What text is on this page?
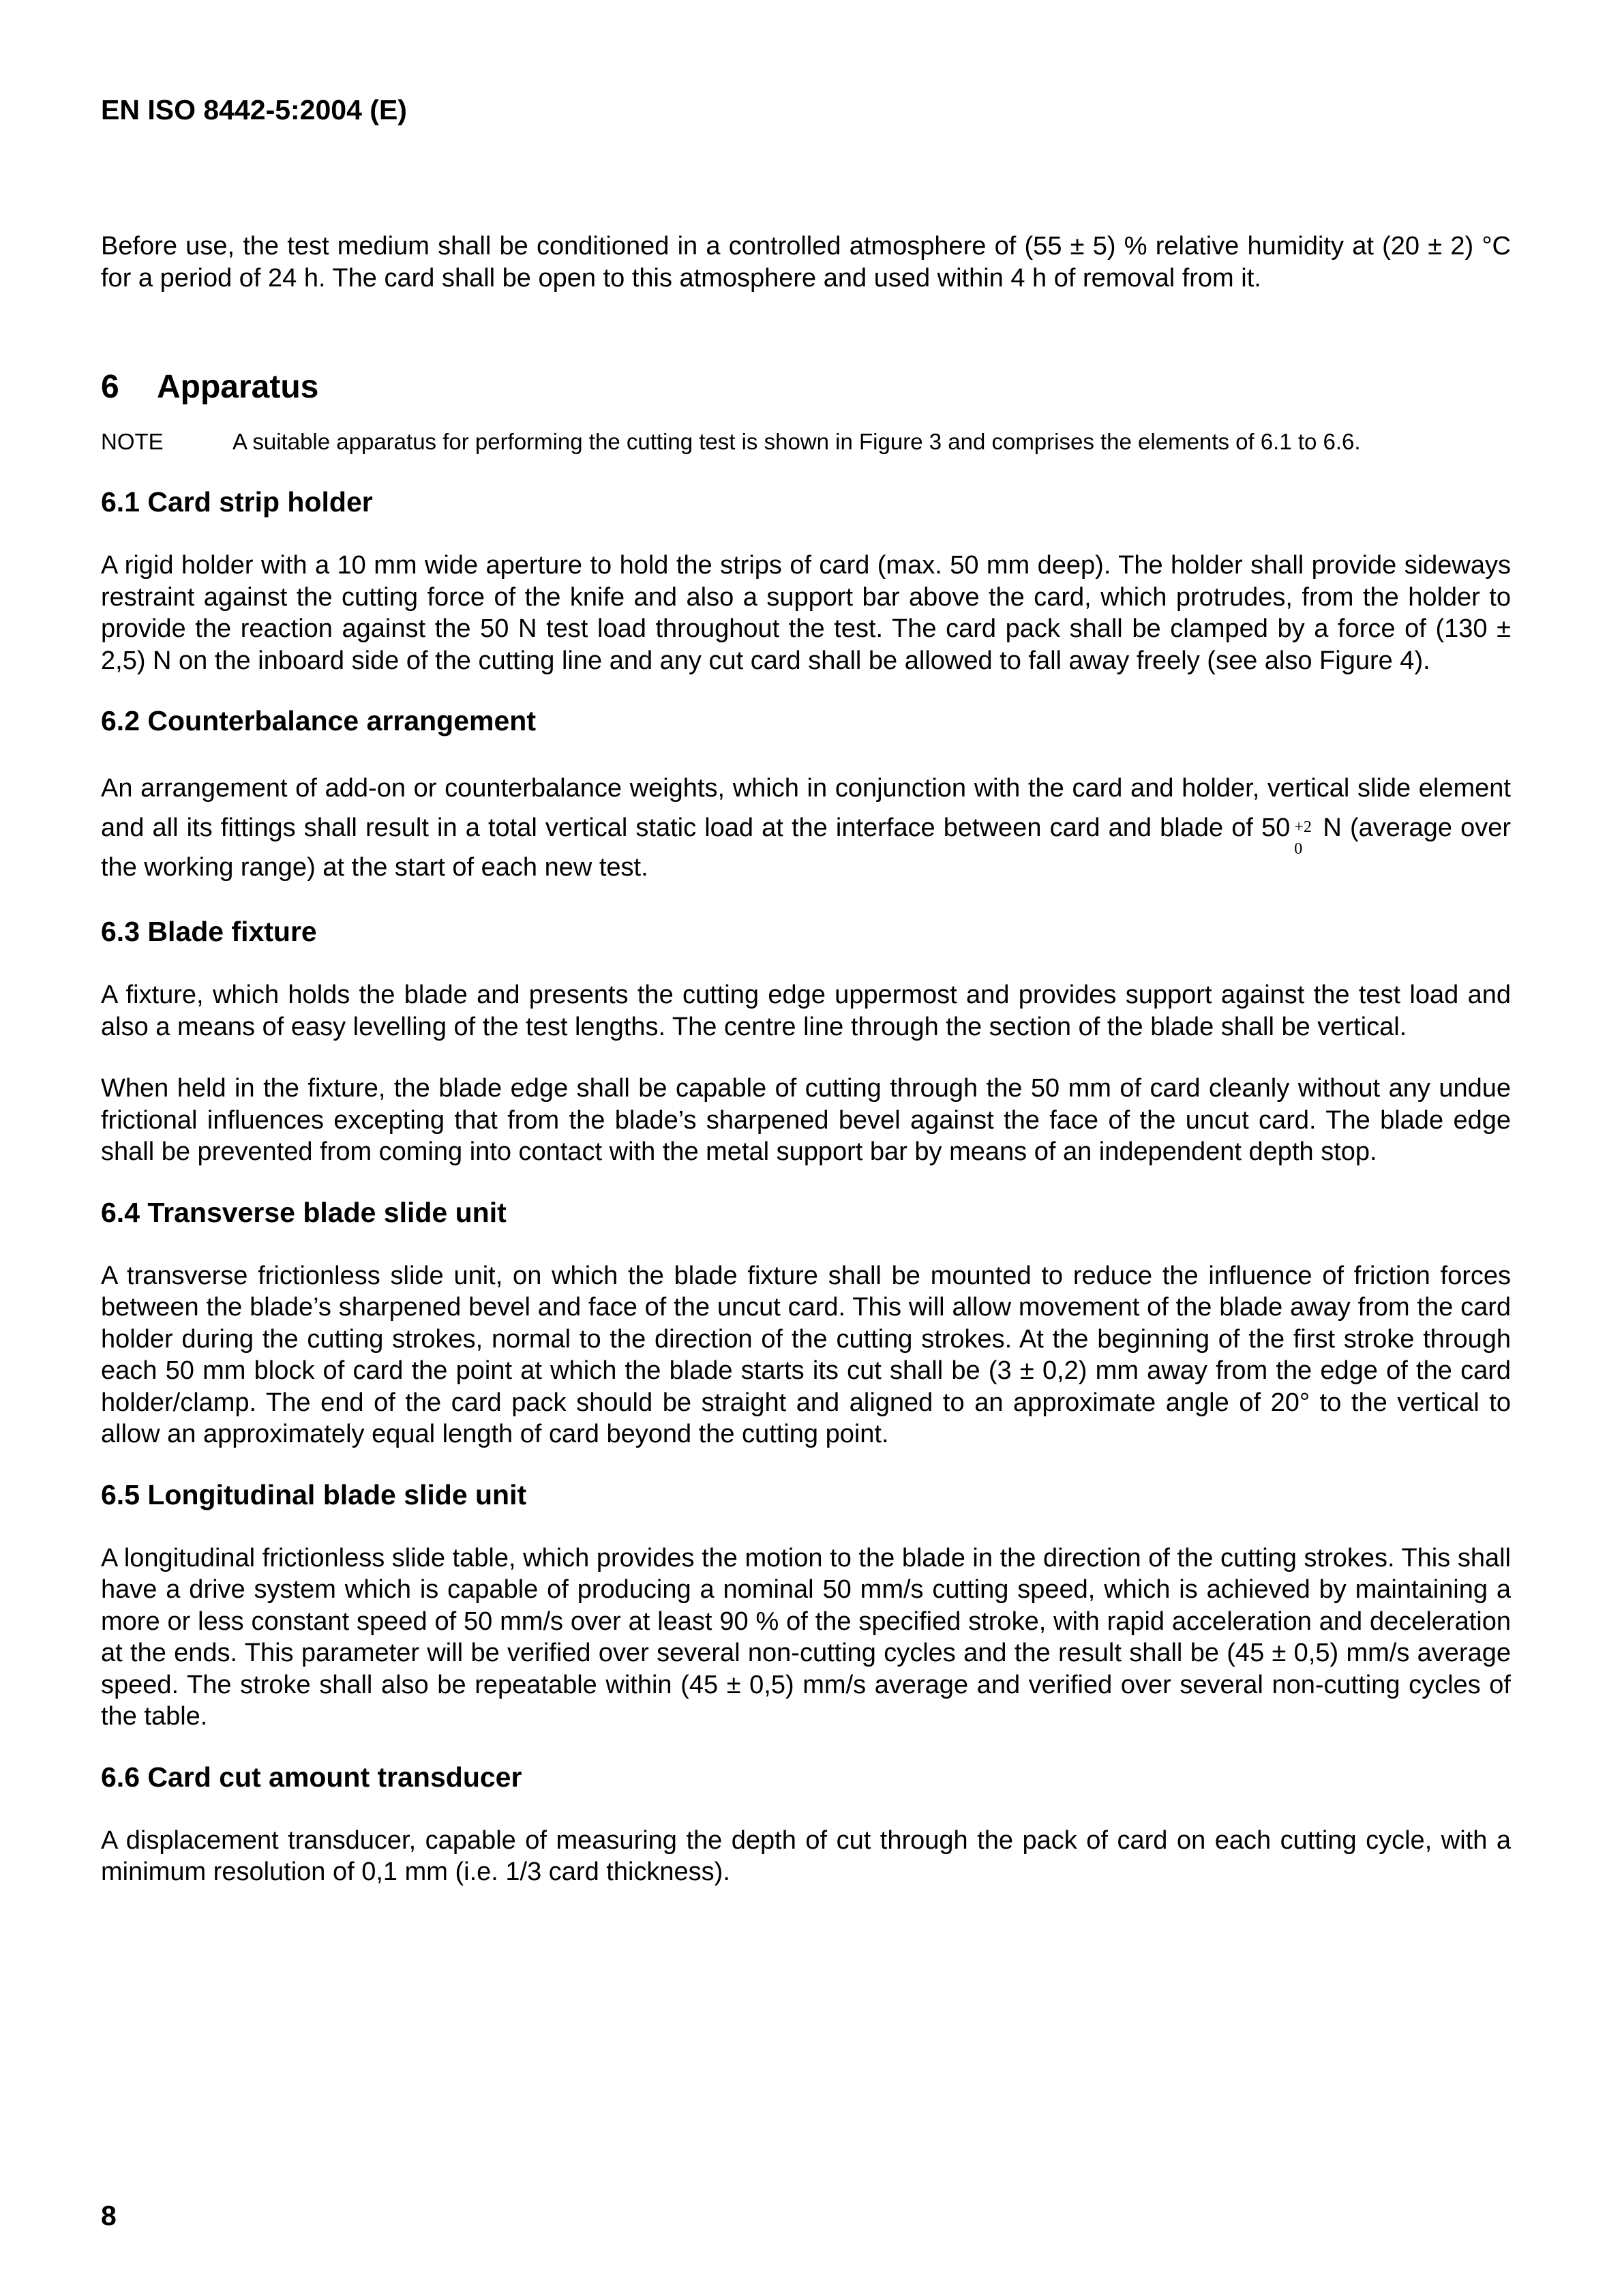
EN ISO 8442-5:2004 (E)

Before use, the test medium shall be conditioned in a controlled atmosphere of (55 ± 5) % relative humidity at (20 ± 2) °C for a period of 24 h. The card shall be open to this atmosphere and used within 4 h of removal from it.

6 Apparatus
NOTE	A suitable apparatus for performing the cutting test is shown in Figure 3 and comprises the elements of 6.1 to 6.6.
6.1 Card strip holder

A rigid holder with a 10 mm wide aperture to hold the strips of card (max. 50 mm deep). The holder shall provide sideways restraint against the cutting force of the knife and also a support bar above the card, which protrudes, from the holder to provide the reaction against the 50 N test load throughout the test. The card pack shall be clamped by a force of (130 ± 2,5) N on the inboard side of the cutting line and any cut card shall be allowed to fall away freely (see also Figure 4).

6.2 Counterbalance arrangement

An arrangement of add-on or counterbalance weights, which in conjunction with the card and holder, vertical slide element and all its fittings shall result in a total vertical static load at the interface between card and blade of 50 +2
0
N (average over the working range) at the start of each new test.

6.3 Blade fixture

A fixture, which holds the blade and presents the cutting edge uppermost and provides support against the test load and also a means of easy levelling of the test lengths. The centre line through the section of the blade shall be vertical.

When held in the fixture, the blade edge shall be capable of cutting through the 50 mm of card cleanly without any undue frictional influences excepting that from the blade’s sharpened bevel against the face of the uncut card. The blade edge shall be prevented from coming into contact with the metal support bar by means of an independent depth stop.

6.4 Transverse blade slide unit

A transverse frictionless slide unit, on which the blade fixture shall be mounted to reduce the influence of friction forces between the blade’s sharpened bevel and face of the uncut card. This will allow movement of the blade away from the card holder during the cutting strokes, normal to the direction of the cutting strokes. At the beginning of the first stroke through each 50 mm block of card the point at which the blade starts its cut shall be (3 ± 0,2) mm away from the edge of the card holder/clamp. The end of the card pack should be straight and aligned to an approximate angle of 20° to the vertical to allow an approximately equal length of card beyond the cutting point.

6.5 Longitudinal blade slide unit

A longitudinal frictionless slide table, which provides the motion to the blade in the direction of the cutting strokes. This shall have a drive system which is capable of producing a nominal 50 mm/s cutting speed, which is achieved by maintaining a more or less constant speed of 50 mm/s over at least 90 % of the specified stroke, with rapid acceleration and deceleration at the ends. This parameter will be verified over several non-cutting cycles and the result shall be (45 ± 0,5) mm/s average speed. The stroke shall also be repeatable within (45 ± 0,5) mm/s average and verified over several non-cutting cycles of the table.

6.6 Card cut amount transducer

A displacement transducer, capable of measuring the depth of cut through the pack of card on each cutting cycle, with a minimum resolution of 0,1 mm (i.e. 1/3 card thickness).

8
